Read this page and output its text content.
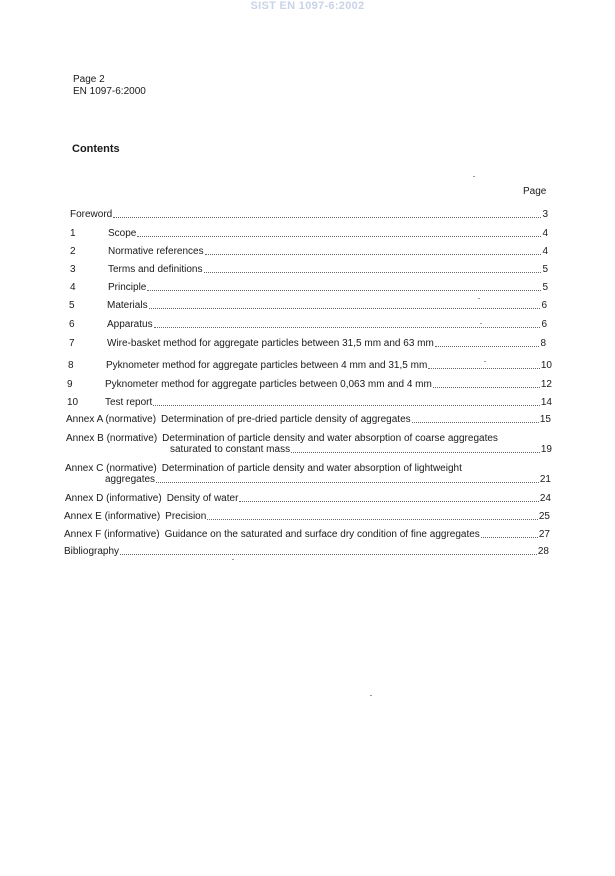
SIST EN 1097-6:2002
Page 2
EN 1097-6:2000
Contents
Page
Foreword	3
1	Scope	4
2	Normative references	4
3	Terms and definitions	5
4	Principle	5
5	Materials	6
6	Apparatus	6
7	Wire-basket method for aggregate particles between 31,5 mm and 63 mm	8
8	Pyknometer method for aggregate particles between 4 mm and 31,5 mm	10
9	Pyknometer method for aggregate particles between 0,063 mm and 4 mm	12
10	Test report	14
Annex A (normative) Determination of pre-dried particle density of aggregates	15
Annex B (normative) Determination of particle density and water absorption of coarse aggregates
saturated to constant mass	19
Annex C (normative) Determination of particle density and water absorption of lightweight
aggregates	21
Annex D (informative) Density of water	24
Annex E (informative) Precision	25
Annex F (informative) Guidance on the saturated and surface dry condition of fine aggregates	27
Bibliography	28
